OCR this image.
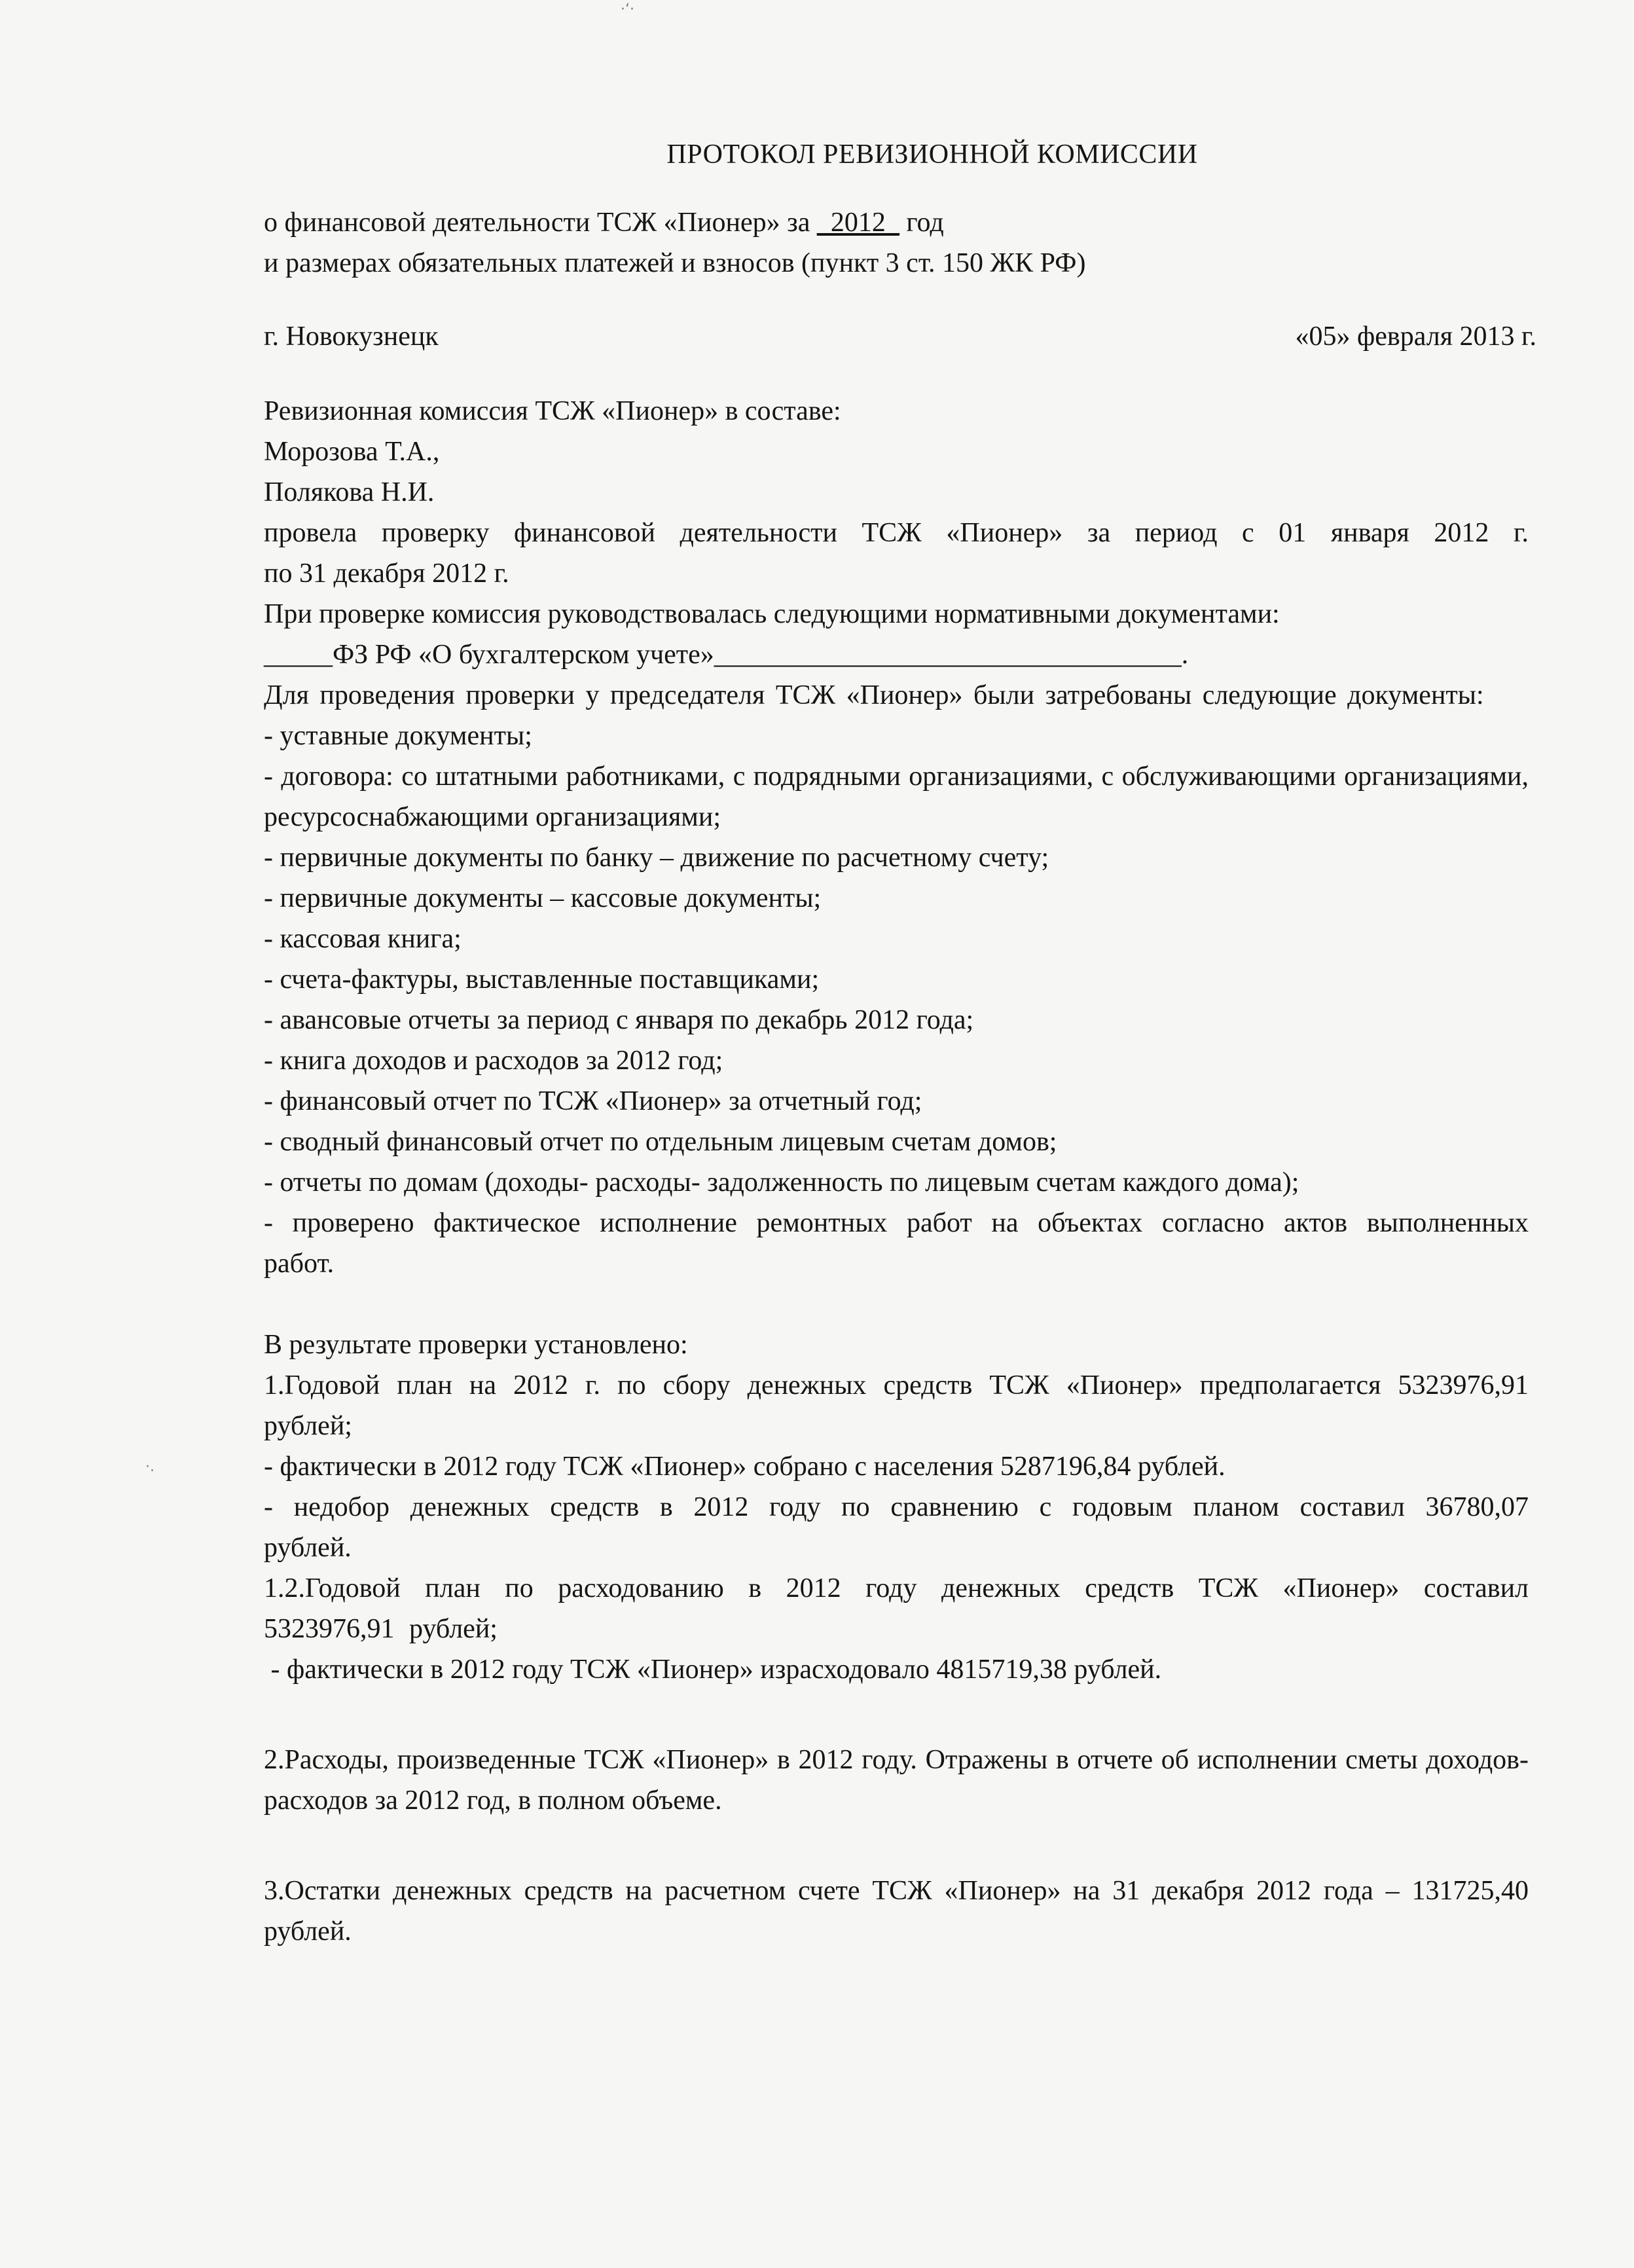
·‘·
·.
ПРОТОКОЛ РЕВИЗИОННОЙ КОМИССИИ

о финансовой деятельности ТСЖ «Пионер» за _2012_ год

и размерах обязательных платежей и взносов (пункт 3 ст. 150 ЖК РФ)

г. Новокузнецк	«05» февраля 2013 г.

Ревизионная комиссия ТСЖ «Пионер» в составе:

Морозова Т.А.,

Полякова Н.И.

провела проверку финансовой деятельности ТСЖ «Пионер» за период с 01 января 2012 г.

по 31 декабря 2012 г.

При проверке комиссия руководствовалась следующими нормативными документами:

_____ФЗ РФ «О бухгалтерском учете»__________________________________.

Для проведения проверки у председателя ТСЖ «Пионер» были затребованы следующие документы:

- уставные документы;

- договора: со штатными работниками, с подрядными организациями, с обслуживающими организациями, ресурсоснабжающими организациями;

- первичные документы по банку – движение по расчетному счету;

- первичные документы – кассовые документы;

- кассовая книга;

- счета-фактуры, выставленные поставщиками;

- авансовые отчеты за период с января по декабрь 2012 года;

- книга доходов и расходов за 2012 год;

- финансовый отчет по ТСЖ «Пионер» за отчетный год;

- сводный финансовый отчет по отдельным лицевым счетам домов;

- отчеты по домам (доходы- расходы- задолженность по лицевым счетам каждого дома);

- проверено фактическое исполнение ремонтных работ на объектах согласно актов выполненных работ.

В результате проверки установлено:

1.Годовой план на 2012 г. по сбору денежных средств ТСЖ «Пионер» предполагается 5323976,91 рублей;

- фактически в 2012 году ТСЖ «Пионер» собрано с населения 5287196,84 рублей.

- недобор денежных средств в 2012 году по сравнению с годовым планом составил 36780,07 рублей.

1.2.Годовой план по расходованию в 2012 году денежных средств ТСЖ «Пионер» составил 5323976,91 рублей;

- фактически в 2012 году ТСЖ «Пионер» израсходовало 4815719,38 рублей.

2.Расходы, произведенные ТСЖ «Пионер» в 2012 году. Отражены в отчете об исполнении сметы доходов-расходов за 2012 год, в полном объеме.

3.Остатки денежных средств на расчетном счете ТСЖ «Пионер» на 31 декабря 2012 года – 131725,40 рублей.
